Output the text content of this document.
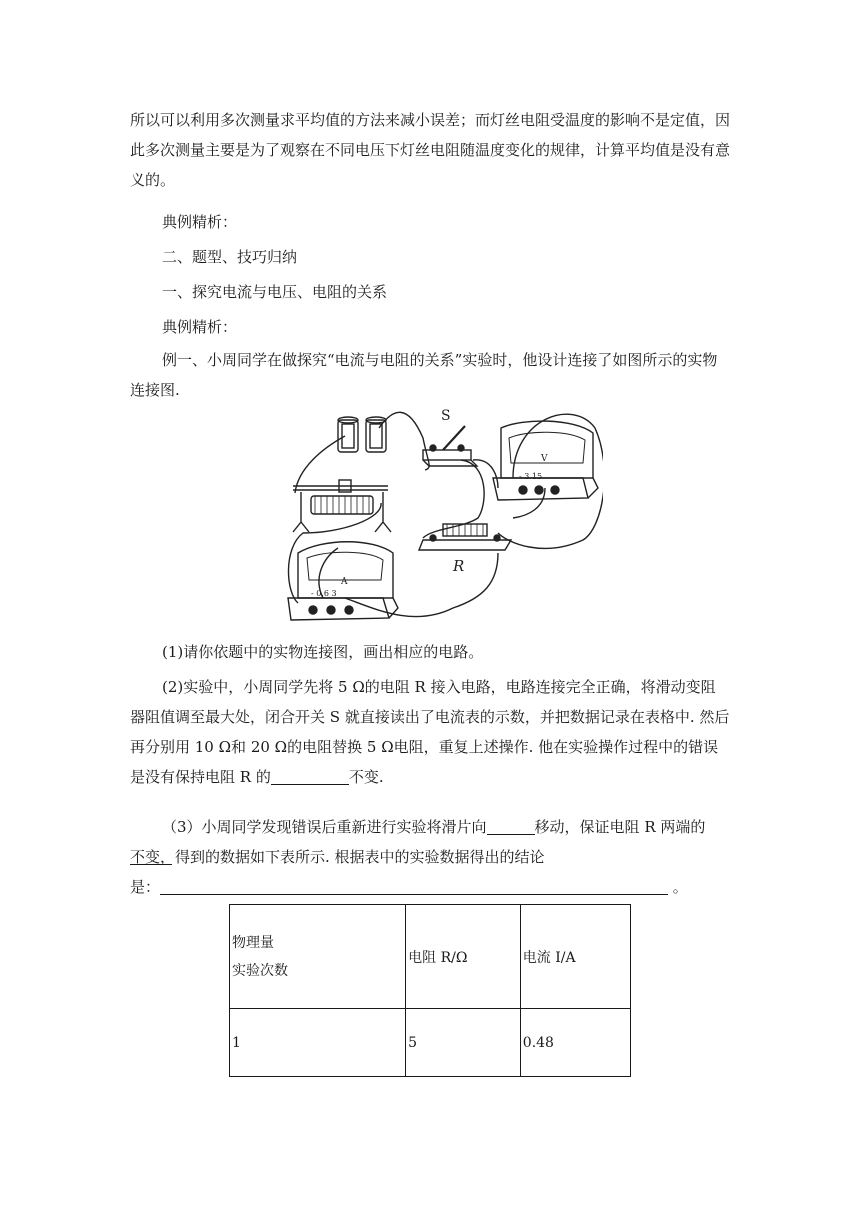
所以可以利用多次测量求平均值的方法来减小误差；而灯丝电阻受温度的影响不是定值，因
此多次测量主要是为了观察在不同电压下灯丝电阻随温度变化的规律，计算平均值是没有意
义的。

典例精析：

二、题型、技巧归纳

一、探究电流与电压、电阻的关系

典例精析：

例一、小周同学在做探究“电流与电阻的关系”实验时，他设计连接了如图所示的实物连接图.

S
V
- 3 15
R
A
- 0.6 3

(1)请你依题中的实物连接图，画出相应的电路。

(2)实验中，小周同学先将 5 Ω的电阻 R 接入电路，电路连接完全正确，将滑动变阻器阻值调至最大处，闭合开关 S 就直接读出了电流表的示数，并把数据记录在表格中. 然后再分别用 10 Ω和 20 Ω的电阻替换 5 Ω电阻，重复上述操作. 他在实验操作过程中的错误是没有保持电阻 R 的	不变.

（3）小周同学发现错误后重新进行实验将滑片向	移动，保证电阻 R 两端的

不变，得到的数据如下表所示. 根据表中的实验数据得出的结论

是：	。

物理量
实验次数	电阻 R/Ω	电流 I/A
1	5	0.48
